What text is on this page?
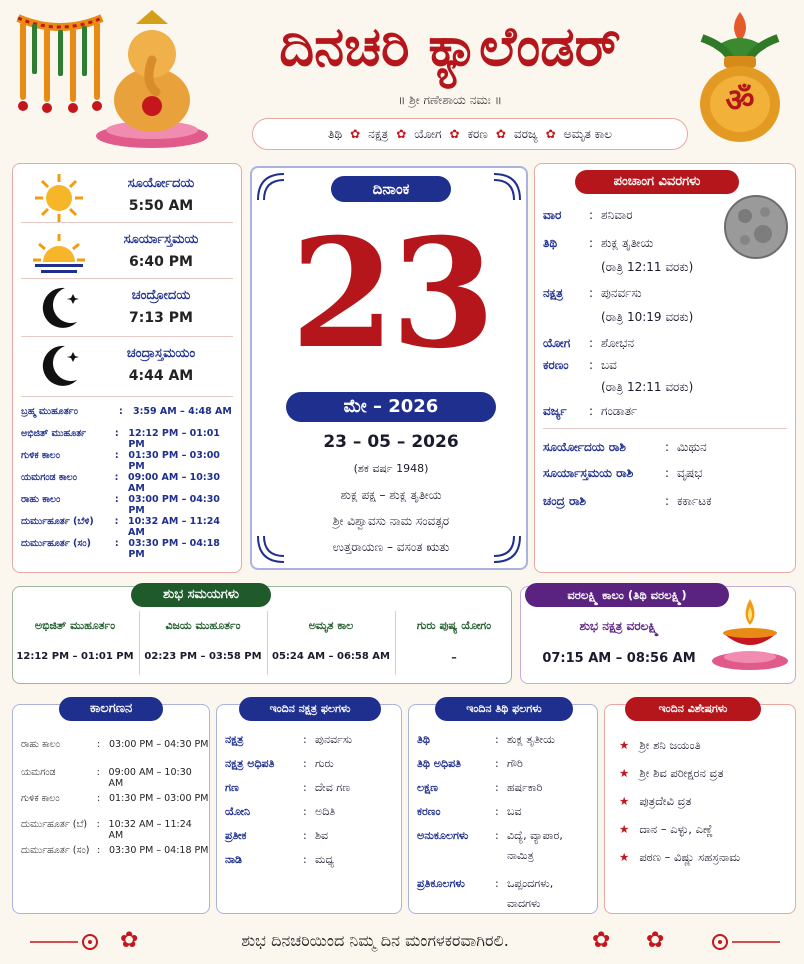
ದಿನಚರಿ ಕ್ಯಾಲೆಂಡರ್
॥ ಶ್ರೀ ಗಣೇಶಾಯ ನಮಃ ॥
ತಿಥಿ ✿ ನಕ್ಷತ್ರ ✿ ಯೋಗ ✿ ಕರಣ ✿ ವರಜ್ಯ ✿ ಅಮೃತ ಕಾಲ
ॐ
ಸೂರ್ಯೋದಯ
5:50 AM
ಸೂರ್ಯಾಸ್ತಮಯ
6:40 PM
ಚಂದ್ರೋದಯ
7:13 PM
ಚಂದ್ರಾಸ್ತಮಯಂ
4:44 AM
ಬ್ರಹ್ಮ ಮುಹೂರ್ತಂ	:	3:59 AM – 4:48 AM
ಅಭಿಜಿತ್ ಮುಹೂರ್ತ	:	12:12 PM – 01:01 PM
ಗುಳಿಕ ಕಾಲಂ	:	01:30 PM – 03:00 PM
ಯಮಗಂಡ ಕಾಲಂ	:	09:00 AM – 10:30 AM
ರಾಹು ಕಾಲಂ	:	03:00 PM – 04:30 PM
ದುರ್ಮುಹೂರ್ತ (ಬೆಳಿ)	:	10:32 AM – 11:24 AM
ದುರ್ಮುಹೂರ್ತ (ಸಂ)	:	03:30 PM – 04:18 PM
ದಿನಾಂಕ
23
ಮೇ – 2026
23 – 05 – 2026
(ಶಕ ವರ್ಷ 1948)
ಶುಕ್ಲ ಪಕ್ಷ – ಶುಕ್ಲ ತೃತೀಯ
ಶ್ರೀ ವಿಶ್ವಾವಸು ನಾಮ ಸಂವತ್ಸರ
ಉತ್ತರಾಯಣ – ವಸಂತ ಋತು
ಪಂಚಾಂಗ ವಿವರಗಳು
ವಾರ	: ಶನಿವಾರ
ತಿಥಿ	: ಶುಕ್ಲ ತೃತೀಯ
(ರಾತ್ರಿ 12:11 ವರಕು)
ನಕ್ಷತ್ರ	: ಪುನರ್ವಸು
(ರಾತ್ರಿ 10:19 ವರಕು)
ಯೋಗ	: ಶೋಭನ
ಕರಣಂ	: ಬವ
(ರಾತ್ರಿ 12:11 ವರಕು)
ವರ್ಜ್ಯ	: ಗಂಡಾರ್ತ
ಸೂರ್ಯೋದಯ ರಾಶಿ	: ಮಿಥುನ
ಸೂರ್ಯಾಸ್ತಮಯ ರಾಶಿ	: ವೃಷಭ
ಚಂದ್ರ ರಾಶಿ	: ಕರ್ಕಾಟಕ
ಶುಭ ಸಮಯಗಳು
ಅಭಿಜಿತ್ ಮುಹೂರ್ತಂ
12:12 PM – 01:01 PM
ವಿಜಯ ಮುಹೂರ್ತಂ
02:23 PM – 03:58 PM
ಅಮೃತ ಕಾಲ
05:24 AM – 06:58 AM
ಗುರು ಪುಷ್ಯ ಯೋಗಂ
–
ವರಲಕ್ಷ್ಮಿ ಕಾಲಂ (ತಿಥಿ ವರಲಕ್ಷ್ಮಿ)
ಶುಭ ನಕ್ಷತ್ರ ವರಲಕ್ಷ್ಮಿ
07:15 AM – 08:56 AM
ಕಾಲಗಣನ
ರಾಹು ಕಾಲಂ	: 03:00 PM – 04:30 PM
ಯಮಗಂಡ	: 09:00 AM – 10:30 AM
ಗುಳಿಕ ಕಾಲಂ	: 01:30 PM – 03:00 PM
ದುರ್ಮುಹೂರ್ತ (ಬೆ)	: 10:32 AM – 11:24 AM
ದುರ್ಮುಹೂರ್ತ (ಸಂ) : 03:30 PM – 04:18 PM
ಇಂದಿನ ನಕ್ಷತ್ರ ಫಲಗಳು
ನಕ್ಷತ್ರ	: ಪುನರ್ವಸು
ನಕ್ಷತ್ರ ಅಧಿಪತಿ	: ಗುರು
ಗಣ	: ದೇವ ಗಣ
ಯೋನಿ	: ಅದಿತಿ
ಪ್ರತೀಕ	: ಶಿವ
ನಾಡಿ	: ಮಧ್ಯ
ಇಂದಿನ ತಿಥಿ ಫಲಗಳು
ತಿಥಿ	: ಶುಕ್ಲ ತೃತೀಯ
ತಿಥಿ ಅಧಿಪತಿ	: ಗೌರಿ
ಲಕ್ಷಣ	: ಹರ್ಷಕಾರಿ
ಕರಣಂ	: ಬವ
ಅನುಕೂಲಗಳು	: ವಿದ್ಯೆ, ವ್ಯಾಪಾರ,
ನಾಮಿತ್ರ
ಪ್ರತಿಕೂಲಗಳು	: ಒಪ್ಪಂದಗಳು,
ವಾದಗಳು
ಇಂದಿನ ವಿಶೇಷಗಳು
★ ಶ್ರೀ ಶನಿ ಜಯಂತಿ
★ ಶ್ರೀ ಶಿವ ಪರೀಕ್ಷರನ ವ್ರತ
★ ಪುತ್ರದೇವಿ ವ್ರತ
★ ದಾನ – ಎಳ್ಳು, ಎಣ್ಣೆ
★ ಪಠಣ – ವಿಷ್ಣು ಸಹಸ್ರನಾಮ
✿	ಶುಭ ದಿನಚರಿಯಿಂದ ನಿಮ್ಮ ದಿನ ಮಂಗಳಕರವಾಗಿರಲಿ.	✿ ✿
